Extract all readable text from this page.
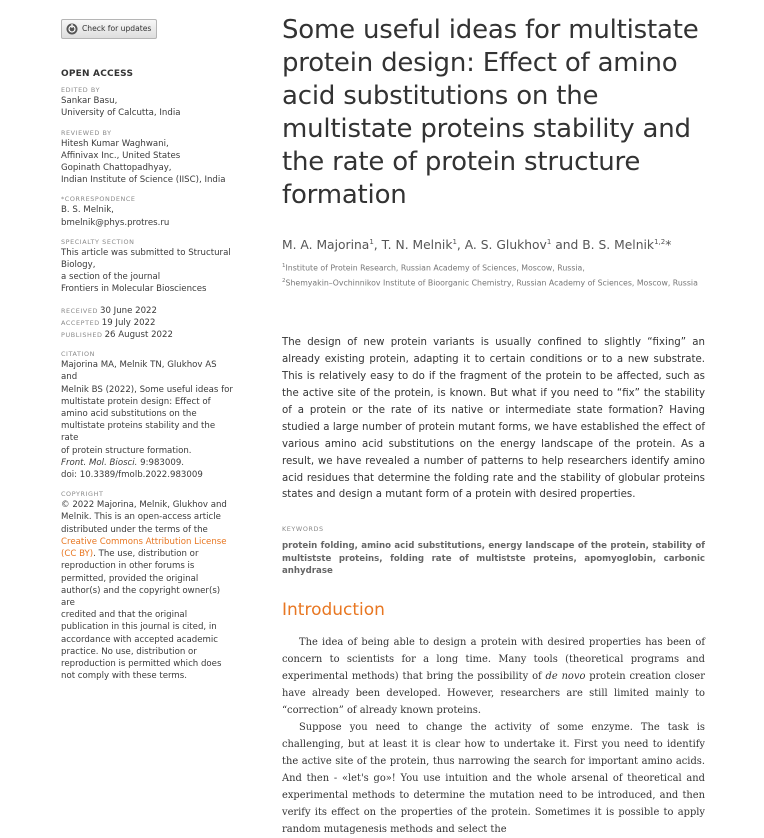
Check for updates
OPEN ACCESS
EDITED BY
Sankar Basu,
University of Calcutta, India
REVIEWED BY
Hitesh Kumar Waghwani,
Affinivax Inc., United States
Gopinath Chattopadhyay,
Indian Institute of Science (IISC), India
*CORRESPONDENCE
B. S. Melnik,
bmelnik@phys.protres.ru
SPECIALTY SECTION
This article was submitted to Structural
Biology,
a section of the journal
Frontiers in Molecular Biosciences
RECEIVED 30 June 2022
ACCEPTED 19 July 2022
PUBLISHED 26 August 2022
CITATION
Majorina MA, Melnik TN, Glukhov AS and
Melnik BS (2022), Some useful ideas for
multistate protein design: Effect of
amino acid substitutions on the
multistate proteins stability and the rate
of protein structure formation.
Front. Mol. Biosci. 9:983009.
doi: 10.3389/fmolb.2022.983009
COPYRIGHT
© 2022 Majorina, Melnik, Glukhov and
Melnik. This is an open-access article
distributed under the terms of the
Creative Commons Attribution License
(CC BY). The use, distribution or
reproduction in other forums is
permitted, provided the original
author(s) and the copyright owner(s) are
credited and that the original
publication in this journal is cited, in
accordance with accepted academic
practice. No use, distribution or
reproduction is permitted which does
not comply with these terms.
Some useful ideas for multistate protein design: Effect of amino acid substitutions on the multistate proteins stability and the rate of protein structure formation
M. A. Majorina$^1$, T. N. Melnik$^1$, A. S. Glukhov$^1$ and B. S. Melnik$^{1,2}$*
$^1$Institute of Protein Research, Russian Academy of Sciences, Moscow, Russia,
$^2$Shemyakin–Ovchinnikov Institute of Bioorganic Chemistry, Russian Academy of Sciences, Moscow, Russia

The design of new protein variants is usually confined to slightly “fixing” an already existing protein, adapting it to certain conditions or to a new substrate. This is relatively easy to do if the fragment of the protein to be affected, such as the active site of the protein, is known. But what if you need to “fix” the stability of a protein or the rate of its native or intermediate state formation? Having studied a large number of protein mutant forms, we have established the effect of various amino acid substitutions on the energy landscape of the protein. As a result, we have revealed a number of patterns to help researchers identify amino acid residues that determine the folding rate and the stability of globular proteins states and design a mutant form of a protein with desired properties.

KEYWORDS
protein folding, amino acid substitutions, energy landscape of the protein, stability of multistste proteins, folding rate of multistste proteins, apomyoglobin, carbonic anhydrase
Introduction

The idea of being able to design a protein with desired properties has been of concern to scientists for a long time. Many tools (theoretical programs and experimental methods) that bring the possibility of de novo protein creation closer have already been developed. However, researchers are still limited mainly to “correction” of already known proteins.

Suppose you need to change the activity of some enzyme. The task is challenging, but at least it is clear how to undertake it. First you need to identify the active site of the protein, thus narrowing the search for important amino acids. And then - «let's go»! You use intuition and the whole arsenal of theoretical and experimental methods to determine the mutation need to be introduced, and then verify its effect on the properties of the protein. Sometimes it is possible to apply random mutagenesis methods and select the
